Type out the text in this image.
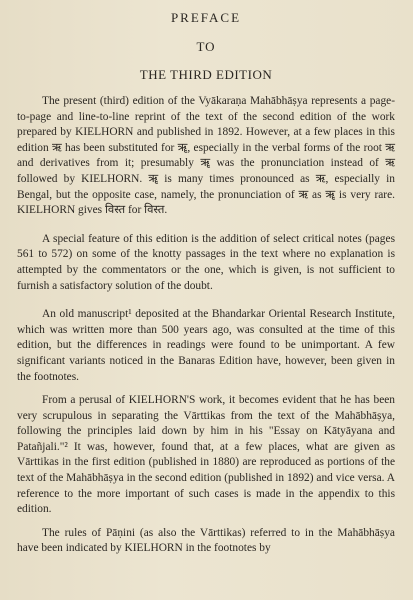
PREFACE
TO
THE THIRD EDITION

The present (third) edition of the Vyākaraṇa Mahābhāṣya represents a page-to-page and line-to-line reprint of the text of the second edition of the work prepared by KIELHORN and published in 1892. However, at a few places in this edition ऋ has been substituted for ॠ, especially in the verbal forms of the root ऋ and derivatives from it; presumably ॠ was the pronunciation instead of ऋ followed by KIELHORN. ॠ is many times pronounced as ऋ, especially in Bengal, but the opposite case, namely, the pronunciation of ऋ as ॠ is very rare. KIELHORN gives विस्त for विस्त.

A special feature of this edition is the addition of select critical notes (pages 561 to 572) on some of the knotty passages in the text where no explanation is attempted by the commentators or the one, which is given, is not sufficient to furnish a satisfactory solution of the doubt.

An old manuscript¹ deposited at the Bhandarkar Oriental Research Institute, which was written more than 500 years ago, was consulted at the time of this edition, but the differences in readings were found to be unimportant. A few significant variants noticed in the Banaras Edition have, however, been given in the footnotes.

From a perusal of KIELHORN'S work, it becomes evident that he has been very scrupulous in separating the Vārttikas from the text of the Mahābhāṣya, following the principles laid down by him in his "Essay on Kātyāyana and Patañjali."² It was, however, found that, at a few places, what are given as Vārttikas in the first edition (published in 1880) are reproduced as portions of the text of the Mahābhāṣya in the second edition (published in 1892) and vice versa. A reference to the more important of such cases is made in the appendix to this edition.

The rules of Pāṇini (as also the Vārttikas) referred to in the Mahābhāṣya have been indicated by KIELHORN in the footnotes by
